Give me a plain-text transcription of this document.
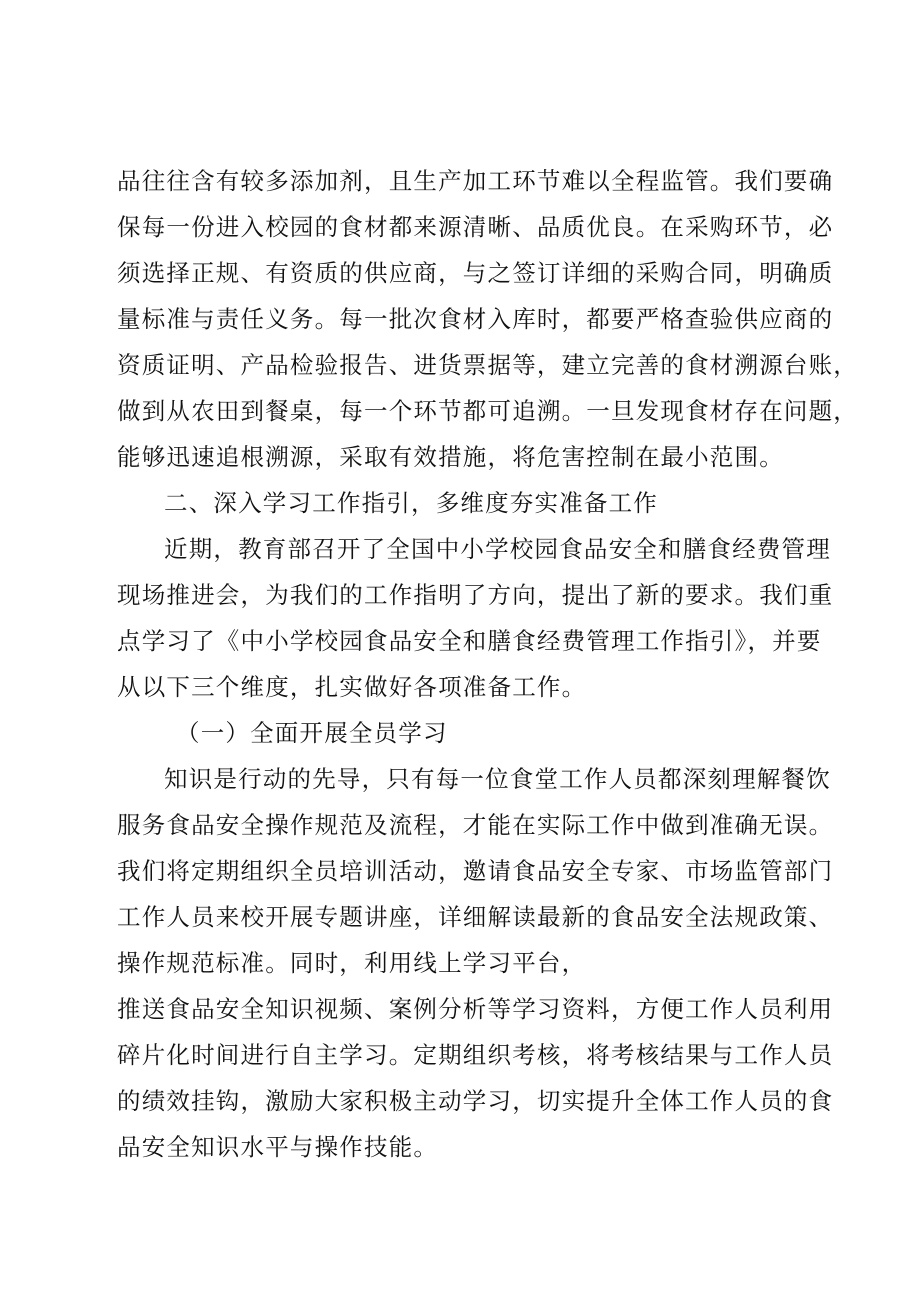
品往往含有较多添加剂，且生产加工环节难以全程监管。我们要确
保每一份进入校园的食材都来源清晰、品质优良。在采购环节，必
须选择正规、有资质的供应商，与之签订详细的采购合同，明确质
量标准与责任义务。每一批次食材入库时，都要严格查验供应商的
资质证明、产品检验报告、进货票据等，建立完善的食材溯源台账，
做到从农田到餐桌，每一个环节都可追溯。一旦发现食材存在问题，
能够迅速追根溯源，采取有效措施，将危害控制在最小范围。
二、深入学习工作指引，多维度夯实准备工作
近期，教育部召开了全国中小学校园食品安全和膳食经费管理
现场推进会，为我们的工作指明了方向，提出了新的要求。我们重
点学习了《中小学校园食品安全和膳食经费管理工作指引》，并要
从以下三个维度，扎实做好各项准备工作。
（一）全面开展全员学习
知识是行动的先导，只有每一位食堂工作人员都深刻理解餐饮
服务食品安全操作规范及流程，才能在实际工作中做到准确无误。
我们将定期组织全员培训活动，邀请食品安全专家、市场监管部门
工作人员来校开展专题讲座，详细解读最新的食品安全法规政策、
操作规范标准。同时，利用线上学习平台，
推送食品安全知识视频、案例分析等学习资料，方便工作人员利用
碎片化时间进行自主学习。定期组织考核，将考核结果与工作人员
的绩效挂钩，激励大家积极主动学习，切实提升全体工作人员的食
品安全知识水平与操作技能。
